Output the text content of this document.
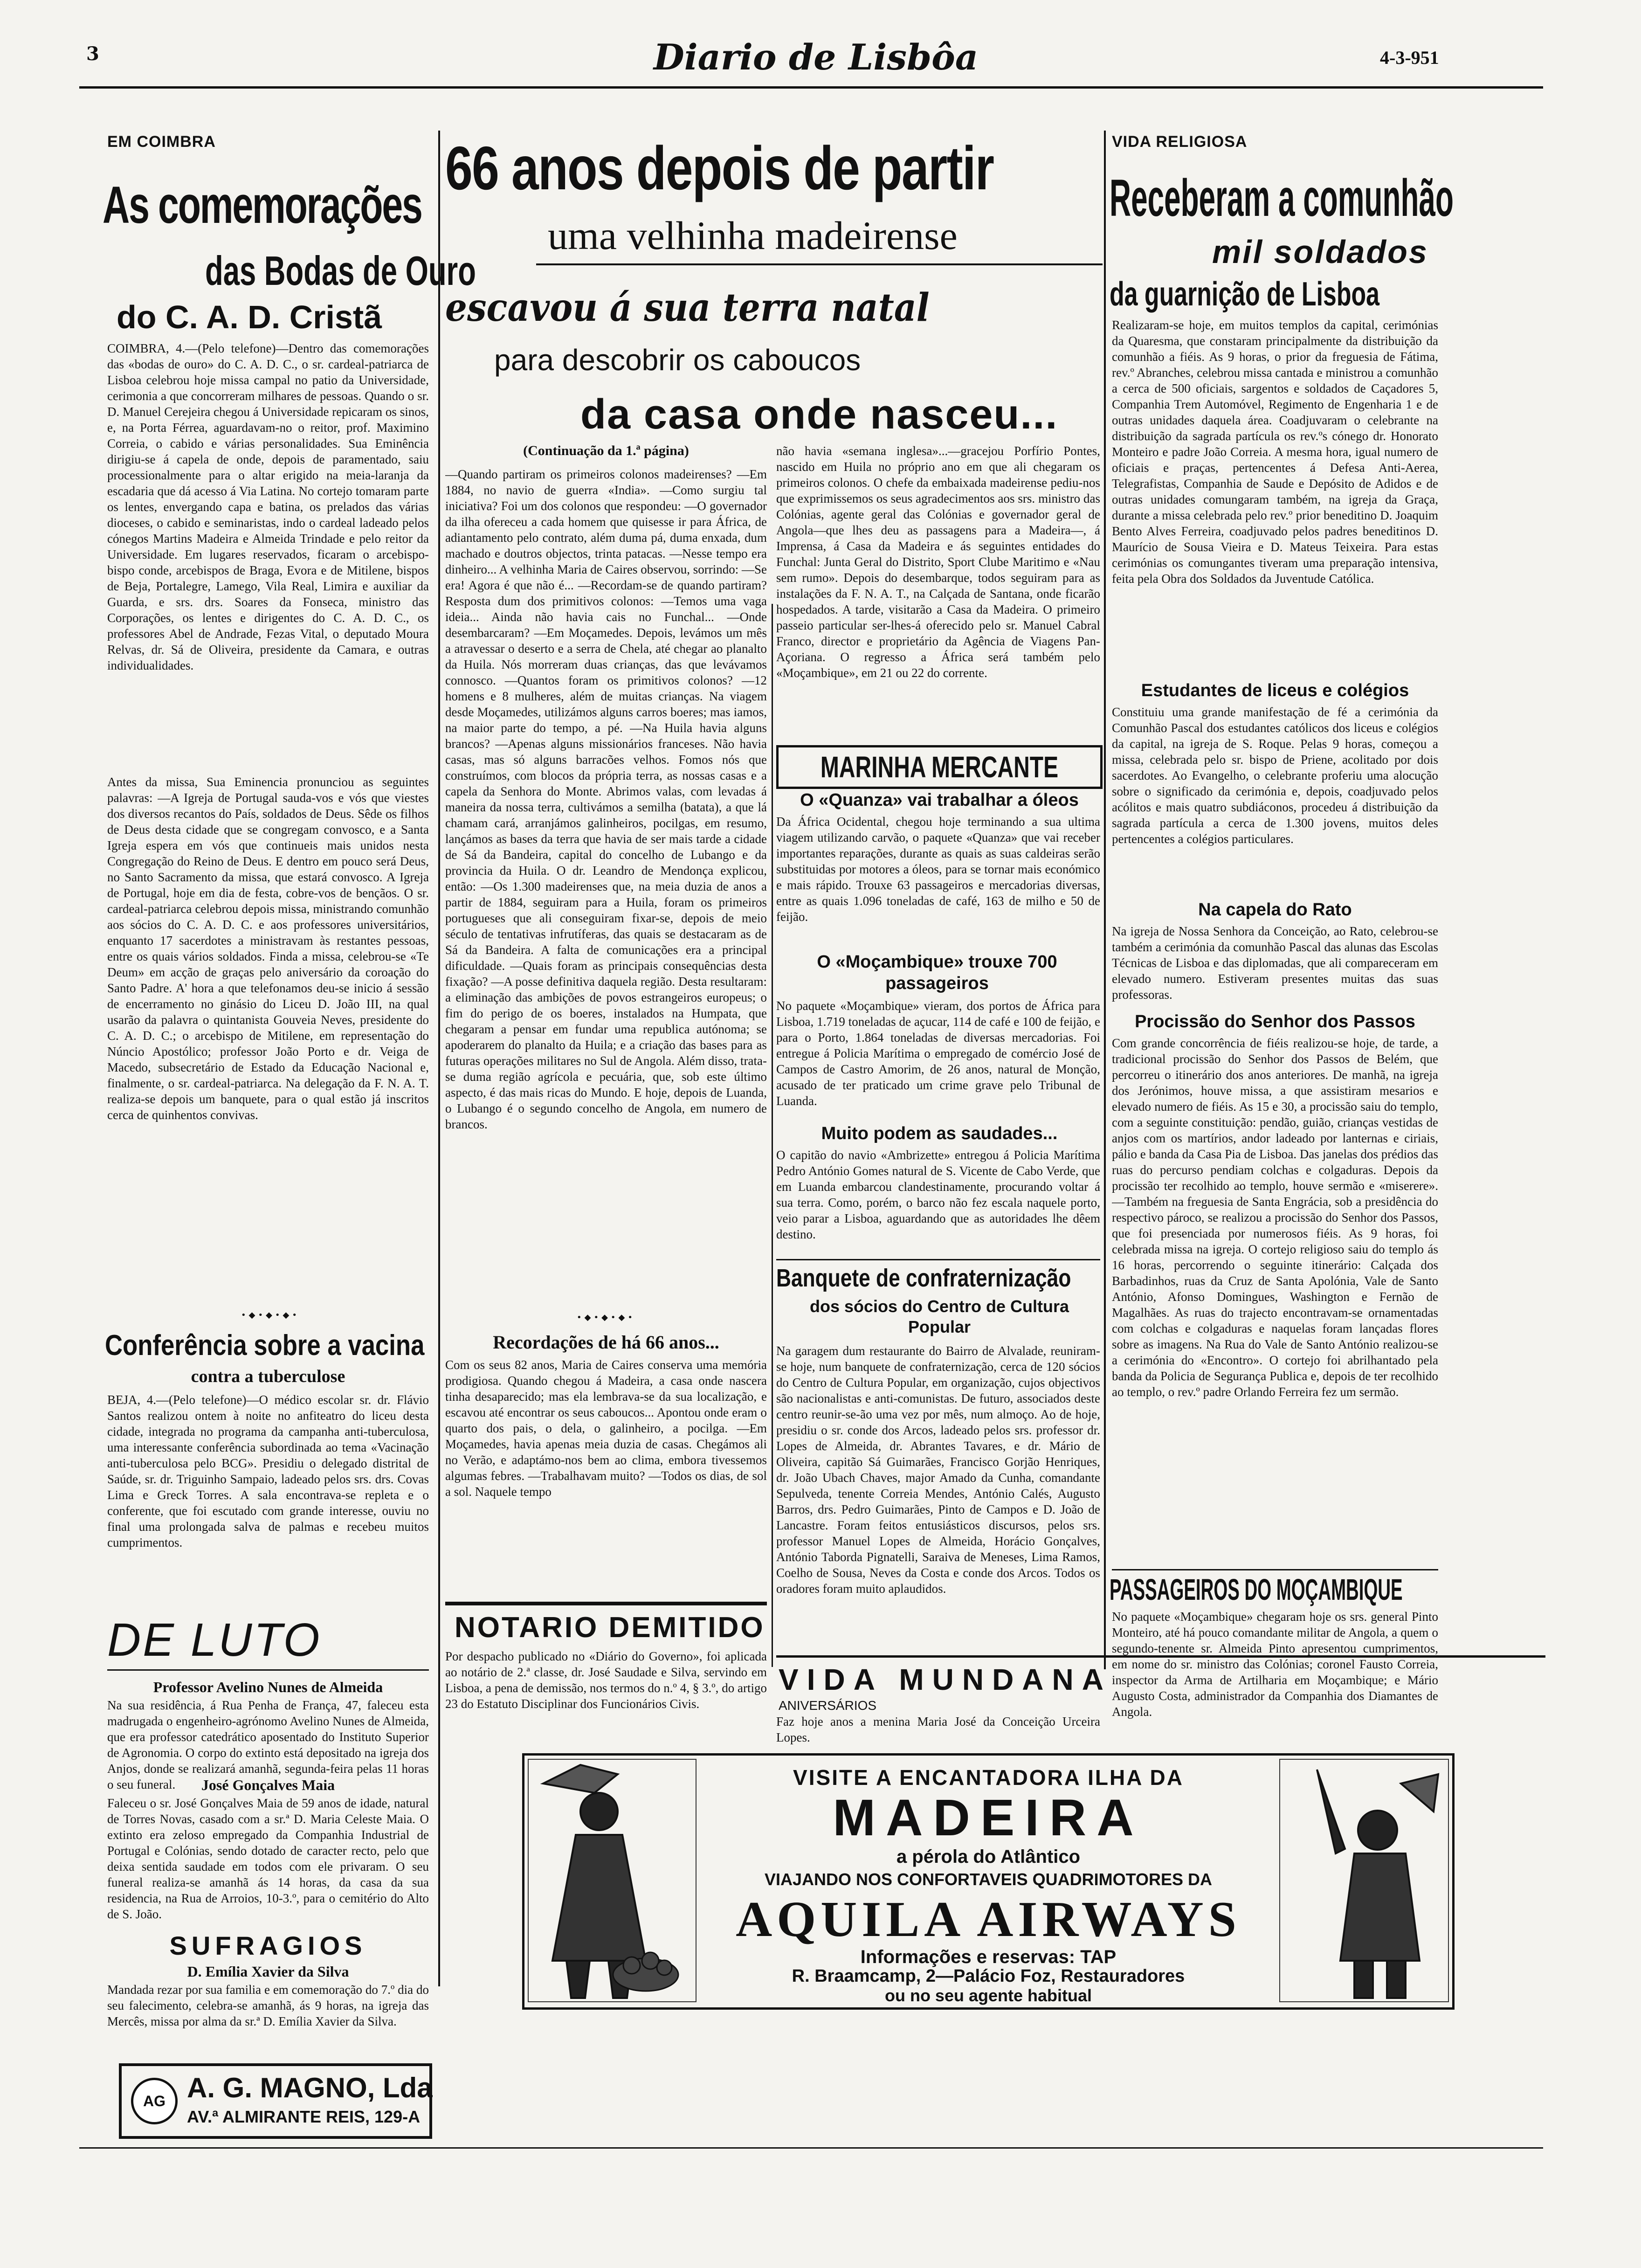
3	Diario de Lisbôa	4-3-951
EM COIMBRA
As comemorações
das Bodas de Ouro
do C. A. D. Cristã
COIMBRA, 4.—(Pelo telefone)—Dentro das comemorações das «bodas de ouro» do C. A. D. C., o sr. cardeal-patriarca de Lisboa celebrou hoje missa campal no patio da Universidade, cerimonia a que concorreram milhares de pessoas. Quando o sr. D. Manuel Cerejeira chegou á Universidade repicaram os sinos, e, na Porta Férrea, aguardavam-no o reitor, prof. Maximino Correia, o cabido e várias personalidades. Sua Eminência dirigiu-se á capela de onde, depois de paramentado, saiu processionalmente para o altar erigido na meia-laranja da escadaria que dá acesso á Via Latina. No cortejo tomaram parte os lentes, envergando capa e batina, os prelados das várias dioceses, o cabido e seminaristas, indo o cardeal ladeado pelos cónegos Martins Madeira e Almeida Trindade e pelo reitor da Universidade. Em lugares reservados, ficaram o arcebispo-bispo conde, arcebispos de Braga, Evora e de Mitilene, bispos de Beja, Portalegre, Lamego, Vila Real, Limira e auxiliar da Guarda, e srs. drs. Soares da Fonseca, ministro das Corporações, os lentes e dirigentes do C. A. D. C., os professores Abel de Andrade, Fezas Vital, o deputado Moura Relvas, dr. Sá de Oliveira, presidente da Camara, e outras individualidades.
Antes da missa, Sua Eminencia pronunciou as seguintes palavras: —A Igreja de Portugal sauda-vos e vós que viestes dos diversos recantos do País, soldados de Deus. Sêde os filhos de Deus desta cidade que se congregam convosco, e a Santa Igreja espera em vós que continueis mais unidos nesta Congregação do Reino de Deus. E dentro em pouco será Deus, no Santo Sacramento da missa, que estará convosco. A Igreja de Portugal, hoje em dia de festa, cobre-vos de bençãos. O sr. cardeal-patriarca celebrou depois missa, ministrando comunhão aos sócios do C. A. D. C. e aos professores universitários, enquanto 17 sacerdotes a ministravam às restantes pessoas, entre os quais vários soldados. Finda a missa, celebrou-se «Te Deum» em acção de graças pelo aniversário da coroação do Santo Padre. A' hora a que telefonamos deu-se inicio á sessão de encerramento no ginásio do Liceu D. João III, na qual usarão da palavra o quintanista Gouveia Neves, presidente do C. A. D. C.; o arcebispo de Mitilene, em representação do Núncio Apostólico; professor João Porto e dr. Veiga de Macedo, subsecretário de Estado da Educação Nacional e, finalmente, o sr. cardeal-patriarca. Na delegação da F. N. A. T. realiza-se depois um banquete, para o qual estão já inscritos cerca de quinhentos convivas.
•◆•◆•◆•
Conferência sobre a vacina
contra a tuberculose
BEJA, 4.—(Pelo telefone)—O médico escolar sr. dr. Flávio Santos realizou ontem à noite no anfiteatro do liceu desta cidade, integrada no programa da campanha anti-tuberculosa, uma interessante conferência subordinada ao tema «Vacinação anti-tuberculosa pelo BCG». Presidiu o delegado distrital de Saúde, sr. dr. Triguinho Sampaio, ladeado pelos srs. drs. Covas Lima e Greck Torres. A sala encontrava-se repleta e o conferente, que foi escutado com grande interesse, ouviu no final uma prolongada salva de palmas e recebeu muitos cumprimentos.
DE LUTO
Professor Avelino Nunes de Almeida
Na sua residência, á Rua Penha de França, 47, faleceu esta madrugada o engenheiro-agrónomo Avelino Nunes de Almeida, que era professor catedrático aposentado do Instituto Superior de Agronomia. O corpo do extinto está depositado na igreja dos Anjos, donde se realizará amanhã, segunda-feira pelas 11 horas o seu funeral.	José Gonçalves Maia
Faleceu o sr. José Gonçalves Maia de 59 anos de idade, natural de Torres Novas, casado com a sr.ª D. Maria Celeste Maia. O extinto era zeloso empregado da Companhia Industrial de Portugal e Colónias, sendo dotado de caracter recto, pelo que deixa sentida saudade em todos com ele privaram. O seu funeral realiza-se amanhã ás 14 horas, da casa da sua residencia, na Rua de Arroios, 10-3.º, para o cemitério do Alto de S. João.
SUFRAGIOS
D. Emília Xavier da Silva
Mandada rezar por sua familia e em comemoração do 7.º dia do seu falecimento, celebra-se amanhã, ás 9 horas, na igreja das Mercês, missa por alma da sr.ª D. Emília Xavier da Silva.
AG A. G. MAGNO, Lda
AV.ª ALMIRANTE REIS, 129-A
66 anos depois de partir
uma velhinha madeirense
escavou á sua terra natal
para descobrir os caboucos
da casa onde nasceu...
(Continuação da 1.ª página)
—Quando partiram os primeiros colonos madeirenses? —Em 1884, no navio de guerra «India». —Como surgiu tal iniciativa? Foi um dos colonos que respondeu: —O governador da ilha ofereceu a cada homem que quisesse ir para África, de adiantamento pelo contrato, além duma pá, duma enxada, dum machado e doutros objectos, trinta patacas. —Nesse tempo era dinheiro... A velhinha Maria de Caires observou, sorrindo: —Se era! Agora é que não é... —Recordam-se de quando partiram? Respostа dum dos primitivos colonos: —Temos uma vaga ideia... Ainda não havia cais no Funchal... —Onde desembarcaram? —Em Moçamedes. Depois, levámos um mês a atravessar o deserto e a serra de Chela, até chegar ao planalto da Huila. Nós morreram duas crianças, das que levávamos connosco. —Quantos foram os primitivos colonos? —12 homens e 8 mulheres, além de muitas crianças. Na viagem desde Moçamedes, utilizámos alguns carros boeres; mas iamos, na maior parte do tempo, a pé. —Na Huila havia alguns brancos? —Apenas alguns missionários franceses. Não havia casas, mas só alguns barracões velhos. Fomos nós que construímos, com blocos da própria terra, as nossas casas e a capela da Senhora do Monte. Abrimos valas, com levadas á maneira da nossa terra, cultivámos a semilha (batata), a que lá chamam cará, arranjámos galinheiros, pocilgas, em resumo, lançámos as bases da terra que havia de ser mais tarde a cidade de Sá da Bandeira, capital do concelho de Lubango e da provincia da Huila. O dr. Leandro de Mendonça explicou, então: —Os 1.300 madeirenses que, na meia duzia de anos a partir de 1884, seguiram para a Huila, foram os primeiros portugueses que ali conseguiram fixar-se, depois de meio século de tentativas infrutíferas, das quais se destacaram as de Sá da Bandeira. A falta de comunicações era a principal dificuldade. —Quais foram as principais consequências desta fixação? —A posse definitiva daquela região. Desta resultaram: a eliminação das ambições de povos estrangeiros europeus; o fim do perigo de os boeres, instalados na Humpata, que chegaram a pensar em fundar uma republica autónoma; se apoderarem do planalto da Huila; e a criação das bases para as futuras operações militares no Sul de Angola. Além disso, trata-se duma região agrícola e pecuária, que, sob este último aspecto, é das mais ricas do Mundo. E hoje, depois de Luanda, o Lubango é o segundo concelho de Angola, em numero de brancos.
•◆•◆•◆•
Recordações de há 66 anos...
Com os seus 82 anos, Maria de Caires conserva uma memória prodigiosa. Quando chegou á Madeira, a casa onde nascera tinha desaparecido; mas ela lembrava-se da sua localização, e escavou até encontrar os seus caboucos... Apontou onde eram o quarto dos pais, o dela, o galinheiro, a pocilga. —Em Moçamedes, havia apenas meia duzia de casas. Chegámos ali no Verão, e adaptámo-nos bem ao clima, embora tivessemos algumas febres. —Trabalhavam muito? —Todos os dias, de sol a sol. Naquele tempo
não havia «semana inglesa»...—gracejou Porfírio Pontes, nascido em Huila no próprio ano em que ali chegaram os primeiros colonos. O chefe da embaixada madeirense pediu-nos que exprimissemos os seus agradecimentos aos srs. ministro das Colónias, agente geral das Colónias e governador geral de Angola—que lhes deu as passagens para a Madeira—, á Imprensa, á Casa da Madeira e ás seguintes entidades do Funchal: Junta Geral do Distrito, Sport Clube Maritimo e «Nau sem rumo». Depois do desembarque, todos seguiram para as instalações da F. N. A. T., na Calçada de Santana, onde ficarão hospedados. A tarde, visitarão a Casa da Madeira. O primeiro passeio particular ser-lhes-á oferecido pelo sr. Manuel Cabral Franco, director e proprietário da Agência de Viagens Pan-Açoriana. O regresso a África será também pelo «Moçambique», em 21 ou 22 do corrente.
NOTARIO DEMITIDO
Por despacho publicado no «Diário do Governo», foi aplicada ao notário de 2.ª classe, dr. José Saudade e Silva, servindo em Lisboa, a pena de demissão, nos termos do n.º 4, § 3.º, do artigo 23 do Estatuto Disciplinar dos Funcionários Civis.
MARINHA MERCANTE
O «Quanza» vai trabalhar a óleos
Da África Ocidental, chegou hoje terminando a sua ultima viagem utilizando carvão, o paquete «Quanza» que vai receber importantes reparações, durante as quais as suas caldeiras serão substituidas por motores a óleos, para se tornar mais económico e mais rápido. Trouxe 63 passageiros e mercadorias diversas, entre as quais 1.096 toneladas de café, 163 de milho e 50 de feijão.
O «Moçambique» trouxe 700 passageiros
No paquete «Moçambique» vieram, dos portos de África para Lisboa, 1.719 toneladas de açucar, 114 de café e 100 de feijão, e para o Porto, 1.864 toneladas de diversas mercadorias. Foi entregue á Policia Marítima o empregado de comércio José de Campos de Castro Amorim, de 26 anos, natural de Monção, acusado de ter praticado um crime grave pelo Tribunal de Luanda.
Muito podem as saudades...
O capitão do navio «Ambrizette» entregou á Policia Marítima Pedro António Gomes natural de S. Vicente de Cabo Verde, que em Luanda embarcou clandestinamente, procurando voltar á sua terra. Como, porém, o barco não fez escala naquele porto, veio parar a Lisboa, aguardando que as autoridades lhe dêem destino.
Banquete de confraternização
dos sócios do Centro de Cultura Popular
Na garagem dum restaurante do Bairro de Alvalade, reuniram-se hoje, num banquete de confraternização, cerca de 120 sócios do Centro de Cultura Popular, em organização, cujos objectivos são nacionalistas e anti-comunistas. De futuro, associados deste centro reunir-se-ão uma vez por mês, num almoço. Ao de hoje, presidiu o sr. conde dos Arcos, ladeado pelos srs. professor dr. Lopes de Almeida, dr. Abrantes Tavares, e dr. Mário de Oliveira, capitão Sá Guimarães, Francisco Gorjão Henriques, dr. João Ubach Chaves, major Amado da Cunha, comandante Sepulveda, tenente Correia Mendes, António Calés, Augusto Barros, drs. Pedro Guimarães, Pinto de Campos e D. João de Lancastre. Foram feitos entusiásticos discursos, pelos srs. professor Manuel Lopes de Almeida, Horácio Gonçalves, António Taborda Pignatelli, Saraiva de Meneses, Lima Ramos, Coelho de Sousa, Neves da Costa e conde dos Arcos. Todos os oradores foram muito aplaudidos.
VIDA MUNDANA
ANIVERSÁRIOS
Faz hoje anos a menina Maria José da Conceição Urceira Lopes.
VIDA RELIGIOSA
Receberam a comunhão
mil soldados
da guarnição de Lisboa
Realizaram-se hoje, em muitos templos da capital, cerimónias da Quaresma, que constaram principalmente da distribuição da comunhão a fiéis. As 9 horas, o prior da freguesia de Fátima, rev.º Abranches, celebrou missa cantada e ministrou a comunhão a cerca de 500 oficiais, sargentos e soldados de Caçadores 5, Companhia Trem Automóvel, Regimento de Engenharia 1 e de outras unidades daquela área. Coadjuvaram o celebrante na distribuição da sagrada partícula os rev.ºs cónego dr. Honorato Monteiro e padre João Correia. A mesma hora, igual numero de oficiais e praças, pertencentes á Defesa Anti-Aerea, Telegrafistas, Companhia de Saude e Depósito de Adidos e de outras unidades comungaram também, na igreja da Graça, durante a missa celebrada pelo rev.º prior beneditino D. Joaquim Bento Alves Ferreira, coadjuvado pelos padres beneditinos D. Maurício de Sousa Vieira e D. Mateus Teixeira. Para estas cerimónias os comungantes tiveram uma preparação intensiva, feita pela Obra dos Soldados da Juventude Católica.
Estudantes de liceus e colégios
Constituiu uma grande manifestação de fé a cerimónia da Comunhão Pascal dos estudantes católicos dos liceus e colégios da capital, na igreja de S. Roque. Pelas 9 horas, começou a missa, celebrada pelo sr. bispo de Priene, acolitado por dois sacerdotes. Ao Evangelho, o celebrante proferiu uma alocução sobre o significado da cerimónia e, depois, coadjuvado pelos acólitos e mais quatro subdiáconos, procedeu á distribuição da sagrada partícula a cerca de 1.300 jovens, muitos deles pertencentes a colégios particulares.
Na capela do Rato
Na igreja de Nossa Senhora da Conceição, ao Rato, celebrou-se também a cerimónia da comunhão Pascal das alunas das Escolas Técnicas de Lisboa e das diplomadas, que ali compareceram em elevado numero. Estiveram presentes muitas das suas professoras.
Procissão do Senhor dos Passos
Com grande concorrência de fiéis realizou-se hoje, de tarde, a tradicional procissão do Senhor dos Passos de Belém, que percorreu o itinerário dos anos anteriores. De manhã, na igreja dos Jerónimos, houve missa, a que assistiram mesarios e elevado numero de fiéis. As 15 e 30, a procissão saiu do templo, com a seguinte constituição: pendão, guião, crianças vestidas de anjos com os martírios, andor ladeado por lanternas e ciriais, pálio e banda da Casa Pia de Lisboa. Das janelas dos prédios das ruas do percurso pendiam colchas e colgaduras. Depois da procissão ter recolhido ao templo, houve sermão e «miserere». —Também na freguesia de Santa Engrácia, sob a presidência do respectivo pároco, se realizou a procissão do Senhor dos Passos, que foi presenciada por numerosos fiéis. As 9 horas, foi celebrada missa na igreja. O cortejo religioso saiu do templo ás 16 horas, percorrendo o seguinte itinerário: Calçada dos Barbadinhos, ruas da Cruz de Santa Apolónia, Vale de Santo António, Afonso Domingues, Washington e Fernão de Magalhães. As ruas do trajecto encontravam-se ornamentadas com colchas e colgaduras e naquelas foram lançadas flores sobre as imagens. Na Rua do Vale de Santo António realizou-se a cerimónia do «Encontro». O cortejo foi abrilhantado pela banda da Policia de Segurança Publica e, depois de ter recolhido ao templo, o rev.º padre Orlando Ferreira fez um sermão.
PASSAGEIROS DO MOÇAMBIQUE
No paquete «Moçambique» chegaram hoje os srs. general Pinto Monteiro, até há pouco comandante militar de Angola, a quem o segundo-tenente sr. Almeida Pinto apresentou cumprimentos, em nome do sr. ministro das Colónias; coronel Fausto Correia, inspector da Arma de Artilharia em Moçambique; e Mário Augusto Costa, administrador da Companhia dos Diamantes de Angola.
VISITE A ENCANTADORA ILHA DA
MADEIRA
a pérola do Atlântico
VIAJANDO NOS CONFORTAVEIS QUADRIMOTORES DA
AQUILA AIRWAYS
Informações e reservas: TAP
R. Braamcamp, 2—Palácio Foz, Restauradores
ou no seu agente habitual
